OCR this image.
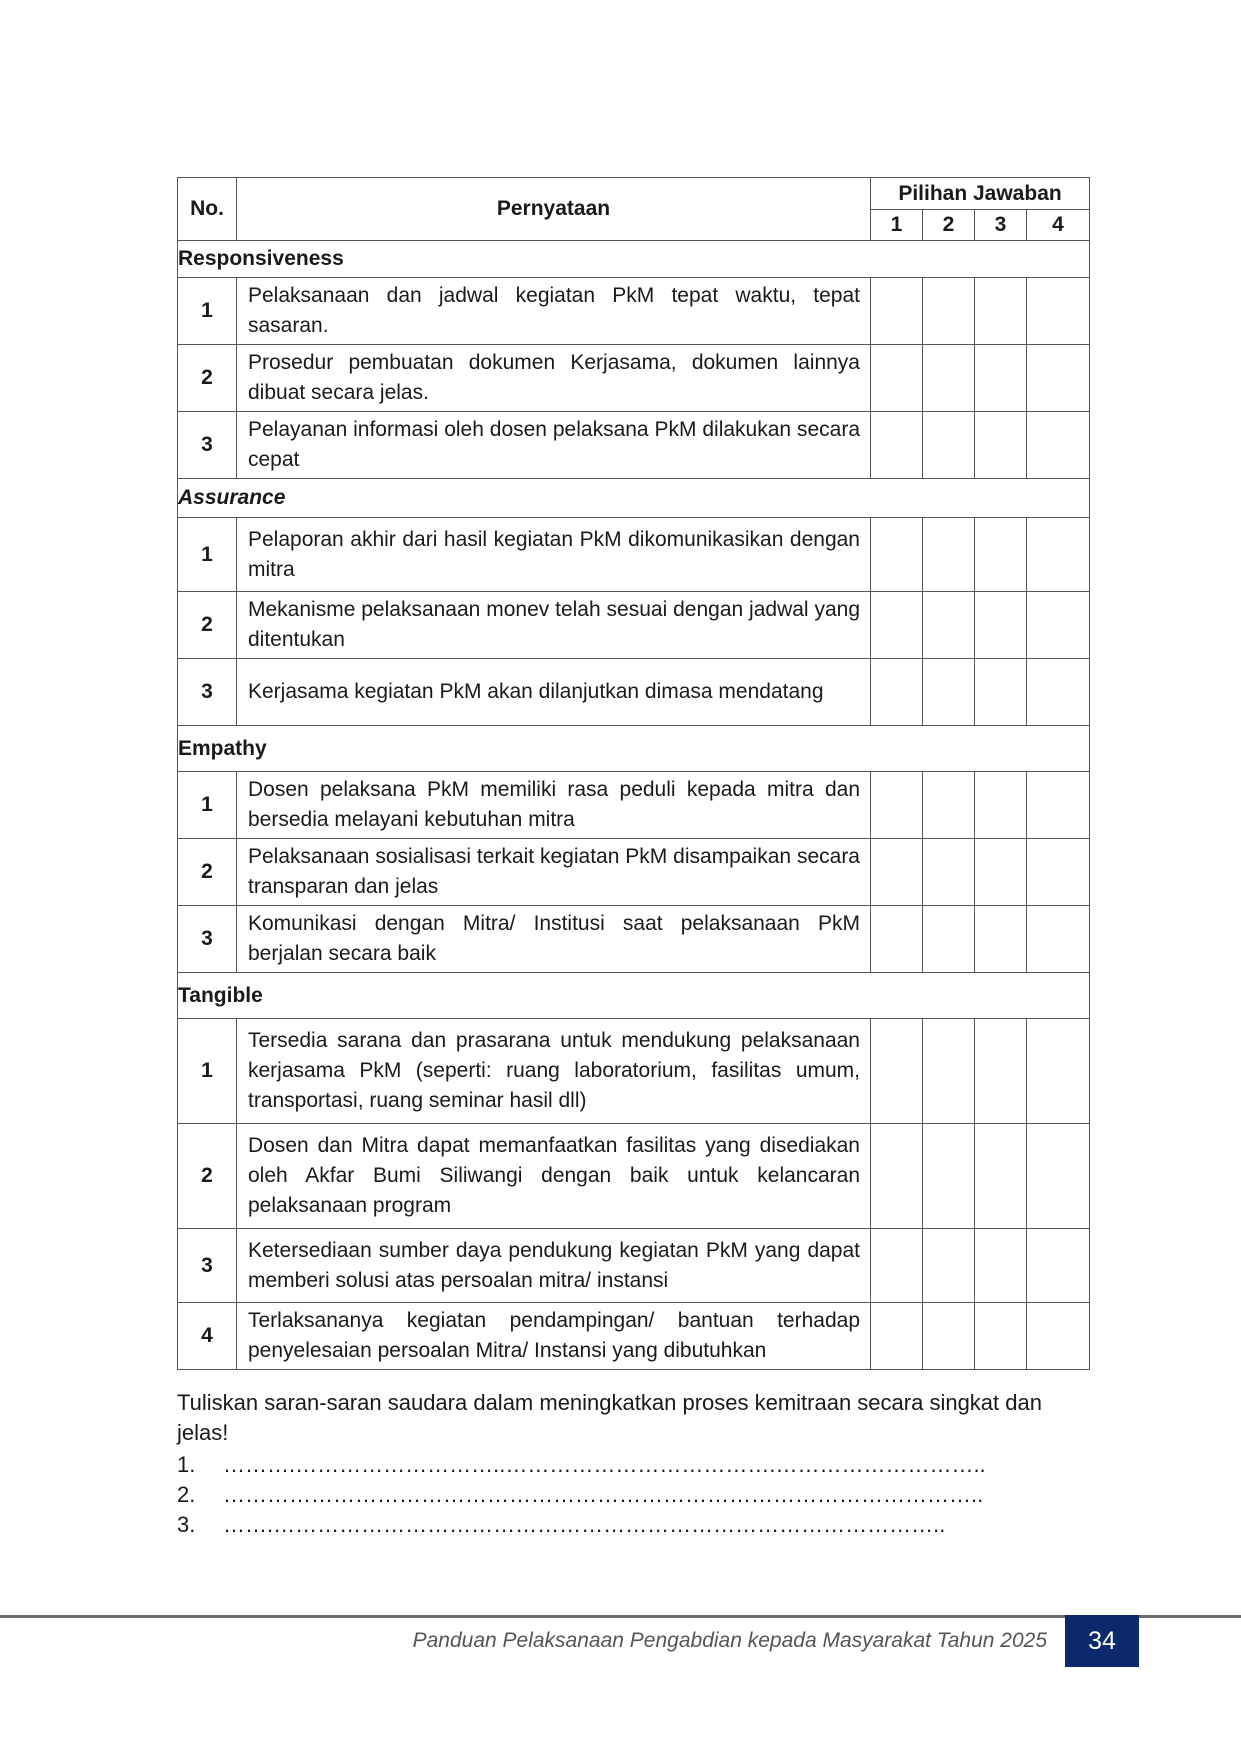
No.	Pernyataan	Pilihan Jawaban			
		1	2	3	4
Responsiveness					
1	Pelaksanaan dan jadwal kegiatan PkM tepat waktu, tepat sasaran.				
2	Prosedur pembuatan dokumen Kerjasama, dokumen lainnya dibuat secara jelas.				
3	Pelayanan informasi oleh dosen pelaksana PkM dilakukan secara cepat				
Assurance					
1	Pelaporan akhir dari hasil kegiatan PkM dikomunikasikan dengan mitra				
2	Mekanisme pelaksanaan monev telah sesuai dengan jadwal yang ditentukan				
3	Kerjasama kegiatan PkM akan dilanjutkan dimasa mendatang				
Empathy					
1	Dosen pelaksana PkM memiliki rasa peduli kepada mitra dan bersedia melayani kebutuhan mitra				
2	Pelaksanaan sosialisasi terkait kegiatan PkM disampaikan secara transparan dan jelas				
3	Komunikasi dengan Mitra/ Institusi saat pelaksanaan PkM berjalan secara baik				
Tangible					
1	Tersedia sarana dan prasarana untuk mendukung pelaksanaan kerjasama PkM (seperti: ruang laboratorium, fasilitas umum, transportasi, ruang seminar hasil dll)				
2	Dosen dan Mitra dapat memanfaatkan fasilitas yang disediakan oleh Akfar Bumi Siliwangi dengan baik untuk kelancaran pelaksanaan program				
3	Ketersediaan sumber daya pendukung kegiatan PkM yang dapat memberi solusi atas persoalan mitra/ instansi				
4	Terlaksananya kegiatan pendampingan/ bantuan terhadap penyelesaian persoalan Mitra/ Instansi yang dibutuhkan				

Tuliskan saran-saran saudara dalam meningkatkan proses kemitraan secara singkat dan jelas!

1.	……….………………………..……………………………….………………………..
2.	…………………………………………………………………………………………..
3.	…….………………………………………………………………………………..
Panduan Pelaksanaan Pengabdian kepada Masyarakat Tahun 2025	34
